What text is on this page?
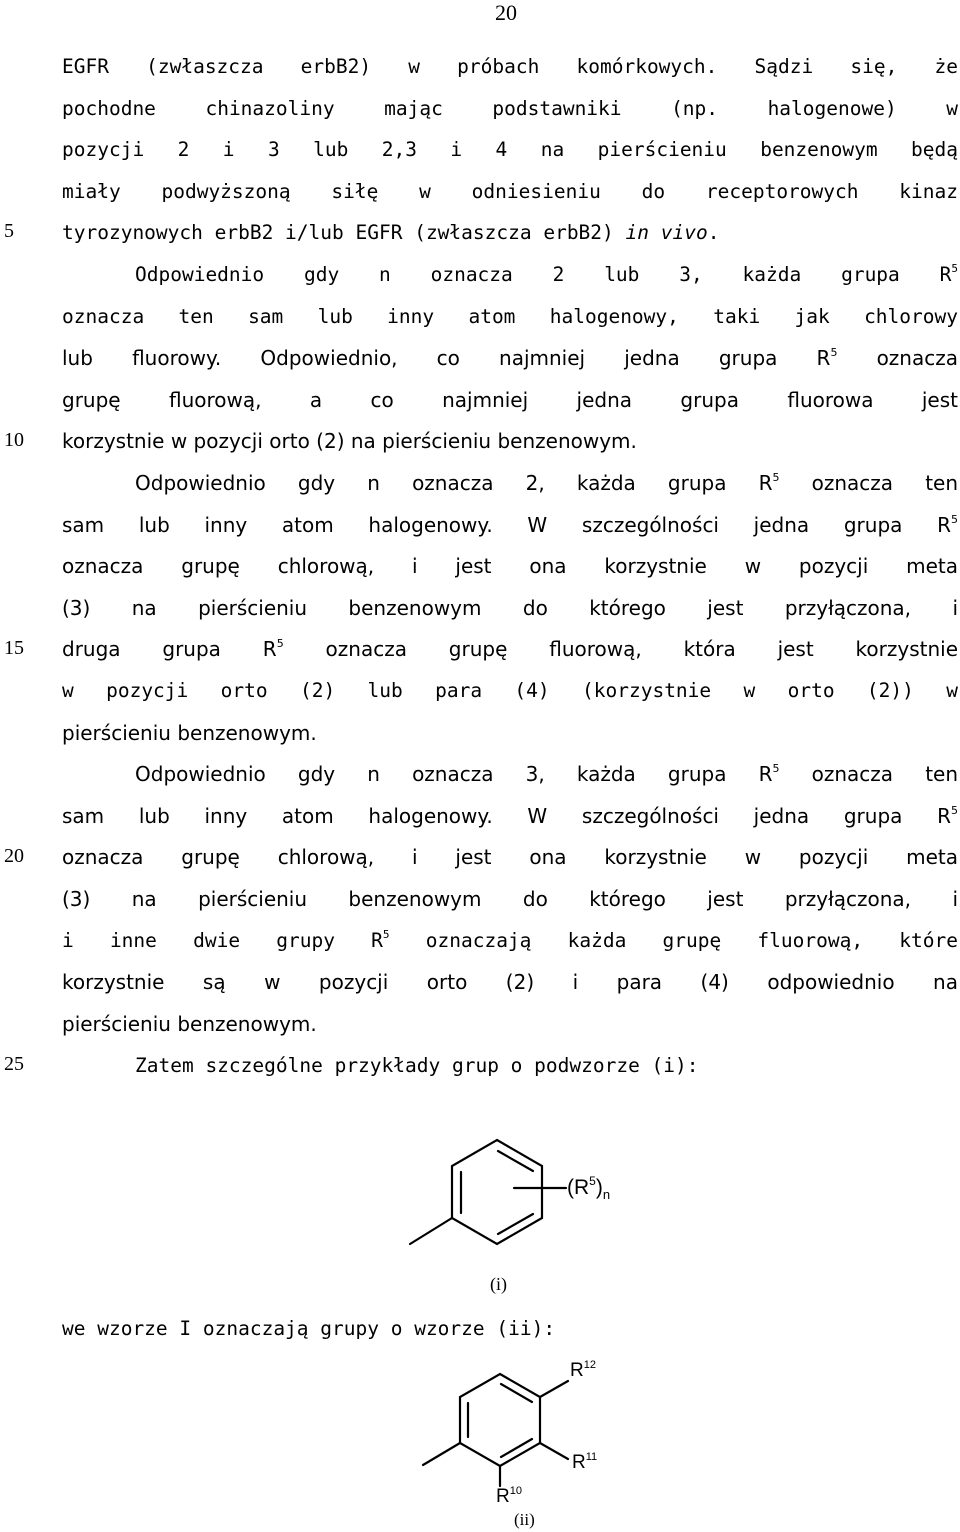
20
5
10
15
20
25
EGFR (zwłaszcza erbB2) w próbach komórkowych. Sądzi się, że
pochodne chinazoliny mając podstawniki (np. halogenowe) w
pozycji 2 i 3 lub 2,3 i 4 na pierścieniu benzenowym będą
miały podwyższoną siłę w odniesieniu do receptorowych kinaz
tyrozynowych erbB2 i/lub EGFR (zwłaszcza erbB2) in vivo.
Odpowiednio gdy n oznacza 2 lub 3, każda grupa $R^5$
oznacza ten sam lub inny atom halogenowy, taki jak chlorowy
lub fluorowy. Odpowiednio, co najmniej jedna grupa $R^5$ oznacza
grupę fluorową, a co najmniej jedna grupa fluorowa jest
korzystnie w pozycji orto (2) na pierścieniu benzenowym.
Odpowiednio gdy n oznacza 2, każda grupa $R^5$ oznacza ten
sam lub inny atom halogenowy. W szczególności jedna grupa $R^5$
oznacza grupę chlorową, i jest ona korzystnie w pozycji meta
(3) na pierścieniu benzenowym do którego jest przyłączona, i
druga grupa $R^5$ oznacza grupę fluorową, która jest korzystnie
w pozycji orto (2) lub para (4) (korzystnie w orto (2)) w
pierścieniu benzenowym.
Odpowiednio gdy n oznacza 3, każda grupa $R^5$ oznacza ten
sam lub inny atom halogenowy. W szczególności jedna grupa $R^5$
oznacza grupę chlorową, i jest ona korzystnie w pozycji meta
(3) na pierścieniu benzenowym do którego jest przyłączona, i
i inne dwie grupy $R^5$ oznaczają każda grupę fluorową, które
korzystnie są w pozycji orto (2) i para (4) odpowiednio na
pierścieniu benzenowym.
Zatem szczególne przykłady grup o podwzorze (i):
$(R^5)_n$
(i)
we wzorze I oznaczają grupy o wzorze (ii):
$R^{12}$
$R^{11}$
$R^{10}$
(ii)
